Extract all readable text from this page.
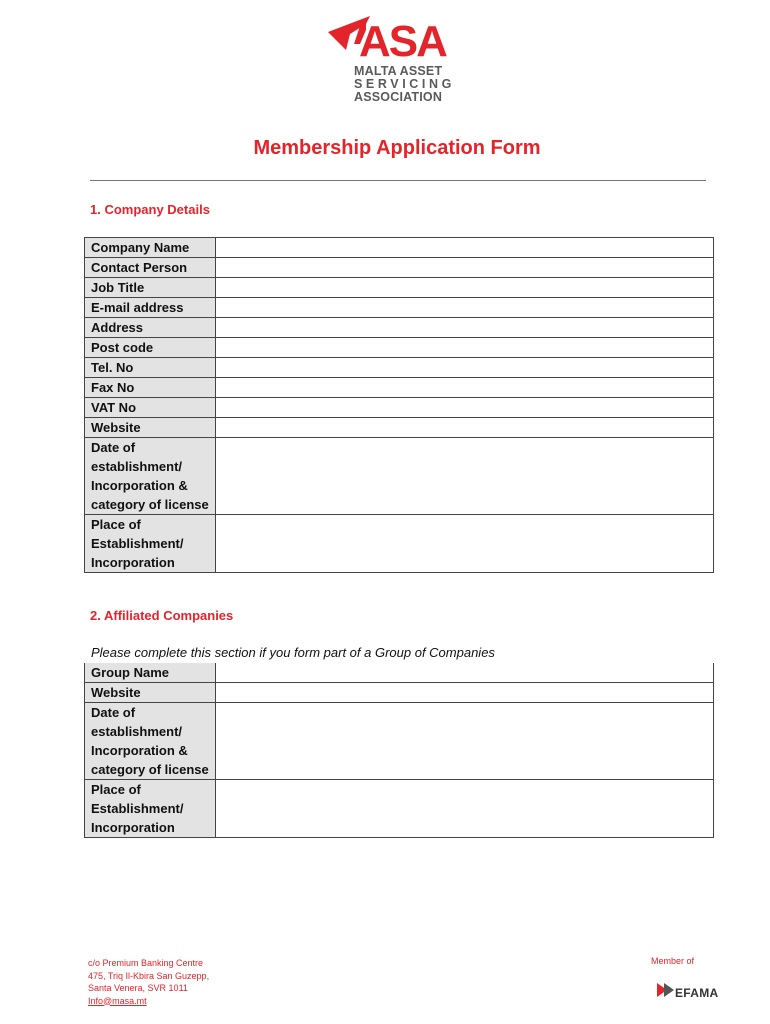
ASA
MALTA ASSET
SERVICING
ASSOCIATION
Membership Application Form
1. Company Details
Company Name	
Contact Person	
Job Title	
E-mail address	
Address	
Post code	
Tel. No	
Fax No	
VAT No	
Website	
Date of establishment/ Incorporation & category of license	
Place of Establishment/ Incorporation	
2. Affiliated Companies
Please complete this section if you form part of a Group of Companies
Group Name	
Website	
Date of establishment/ Incorporation & category of license	
Place of Establishment/ Incorporation	
c/o Premium Banking Centre
475, Triq Il-Kbira San Guzepp,
Santa Venera, SVR 1011
Info@masa.mt
Member of
EFAMA
